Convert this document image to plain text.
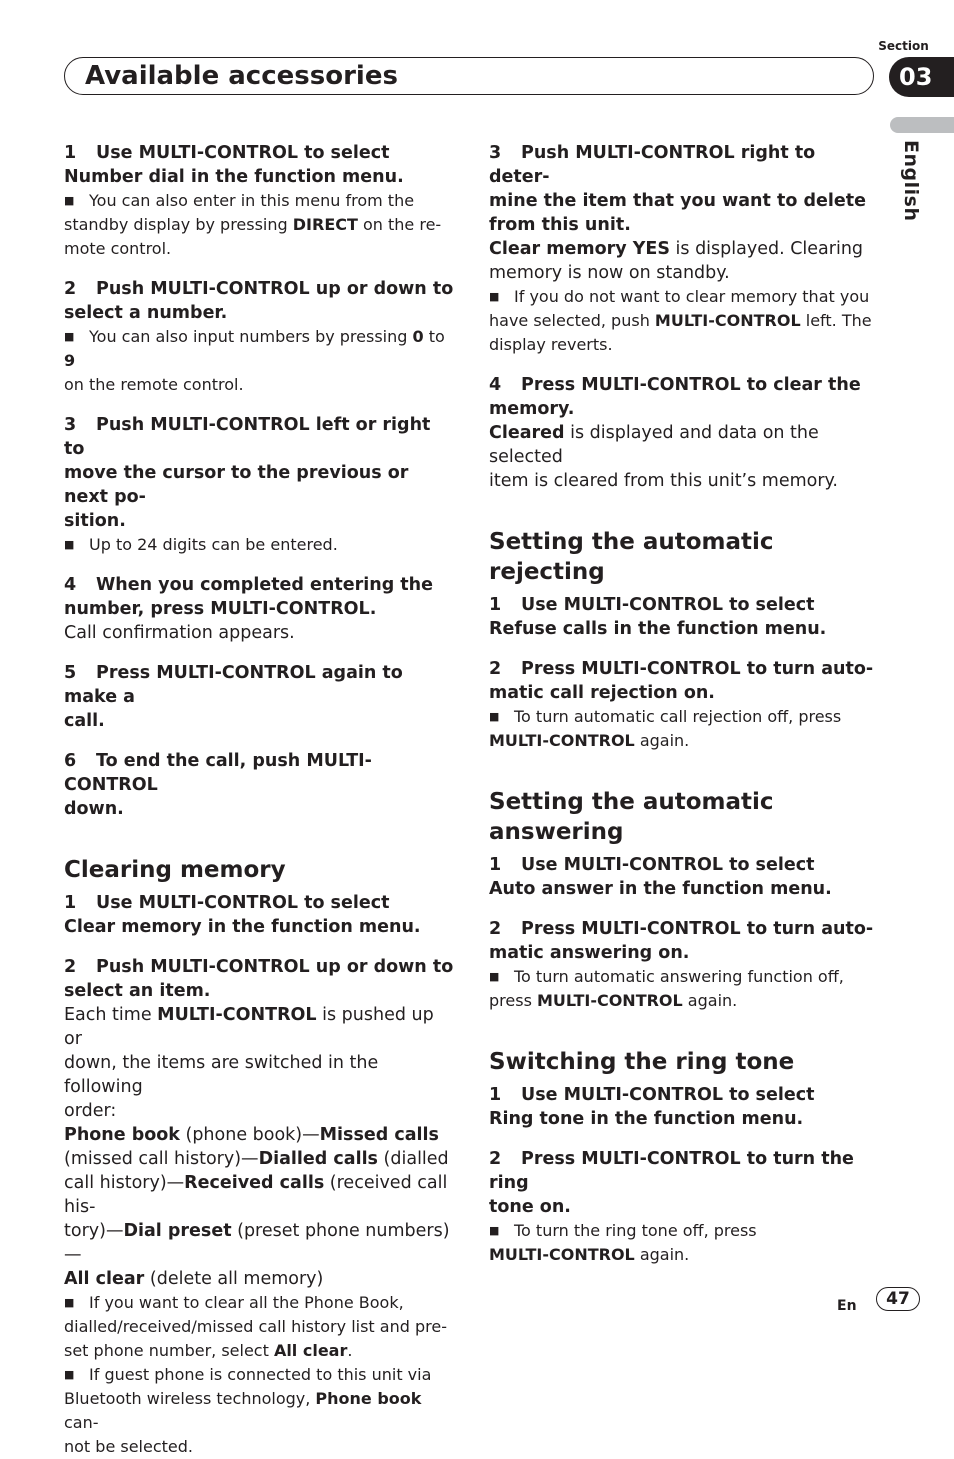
Section
03
Available accessories
English
1 Use MULTI-CONTROL to select
Number dial in the function menu.
■ You can also enter in this menu from the
standby display by pressing DIRECT on the re-
mote control.
2 Push MULTI-CONTROL up or down to
select a number.
■ You can also input numbers by pressing 0 to 9
on the remote control.
3 Push MULTI-CONTROL left or right to
move the cursor to the previous or next po-
sition.
■ Up to 24 digits can be entered.
4 When you completed entering the
number, press MULTI-CONTROL.
Call confirmation appears.
5 Press MULTI-CONTROL again to make a
call.
6 To end the call, push MULTI-CONTROL
down.
Clearing memory
1 Use MULTI-CONTROL to select
Clear memory in the function menu.
2 Push MULTI-CONTROL up or down to
select an item.
Each time MULTI-CONTROL is pushed up or
down, the items are switched in the following
order:
Phone book (phone book)—Missed calls
(missed call history)—Dialled calls (dialled
call history)—Received calls (received call his-
tory)—Dial preset (preset phone numbers)—
All clear (delete all memory)
■ If you want to clear all the Phone Book,
dialled/received/missed call history list and pre-
set phone number, select All clear.
■ If guest phone is connected to this unit via
Bluetooth wireless technology, Phone book can-
not be selected.
3 Push MULTI-CONTROL right to deter-
mine the item that you want to delete
from this unit.
Clear memory YES is displayed. Clearing
memory is now on standby.
■ If you do not want to clear memory that you
have selected, push MULTI-CONTROL left. The
display reverts.
4 Press MULTI-CONTROL to clear the
memory.
Cleared is displayed and data on the selected
item is cleared from this unit’s memory.
Setting the automatic rejecting
1 Use MULTI-CONTROL to select
Refuse calls in the function menu.
2 Press MULTI-CONTROL to turn auto-
matic call rejection on.
■ To turn automatic call rejection off, press
MULTI-CONTROL again.
Setting the automatic answering
1 Use MULTI-CONTROL to select
Auto answer in the function menu.
2 Press MULTI-CONTROL to turn auto-
matic answering on.
■ To turn automatic answering function off,
press MULTI-CONTROL again.
Switching the ring tone
1 Use MULTI-CONTROL to select
Ring tone in the function menu.
2 Press MULTI-CONTROL to turn the ring
tone on.
■ To turn the ring tone off, press
MULTI-CONTROL again.
En	47
